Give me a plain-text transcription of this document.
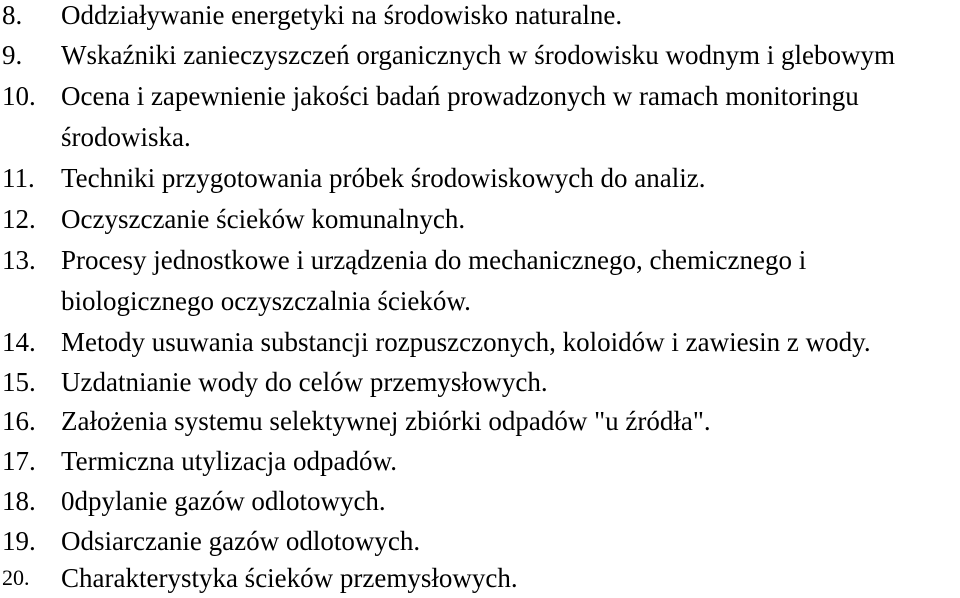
8. Oddziaływanie energetyki na środowisko naturalne.
9. Wskaźniki zanieczyszczeń organicznych w środowisku wodnym i glebowym
10. Ocena i zapewnienie jakości badań prowadzonych w ramach monitoringu
środowiska.
11. Techniki przygotowania próbek środowiskowych do analiz.
12. Oczyszczanie ścieków komunalnych.
13. Procesy jednostkowe i urządzenia do mechanicznego, chemicznego i
biologicznego oczyszczalnia ścieków.
14. Metody usuwania substancji rozpuszczonych, koloidów i zawiesin z wody.
15. Uzdatnianie wody do celów przemysłowych.
16. Założenia systemu selektywnej zbiórki odpadów "u źródła".
17. Termiczna utylizacja odpadów.
18. 0dpylanie gazów odlotowych.
19. Odsiarczanie gazów odlotowych.
20. Charakterystyka ścieków przemysłowych.
